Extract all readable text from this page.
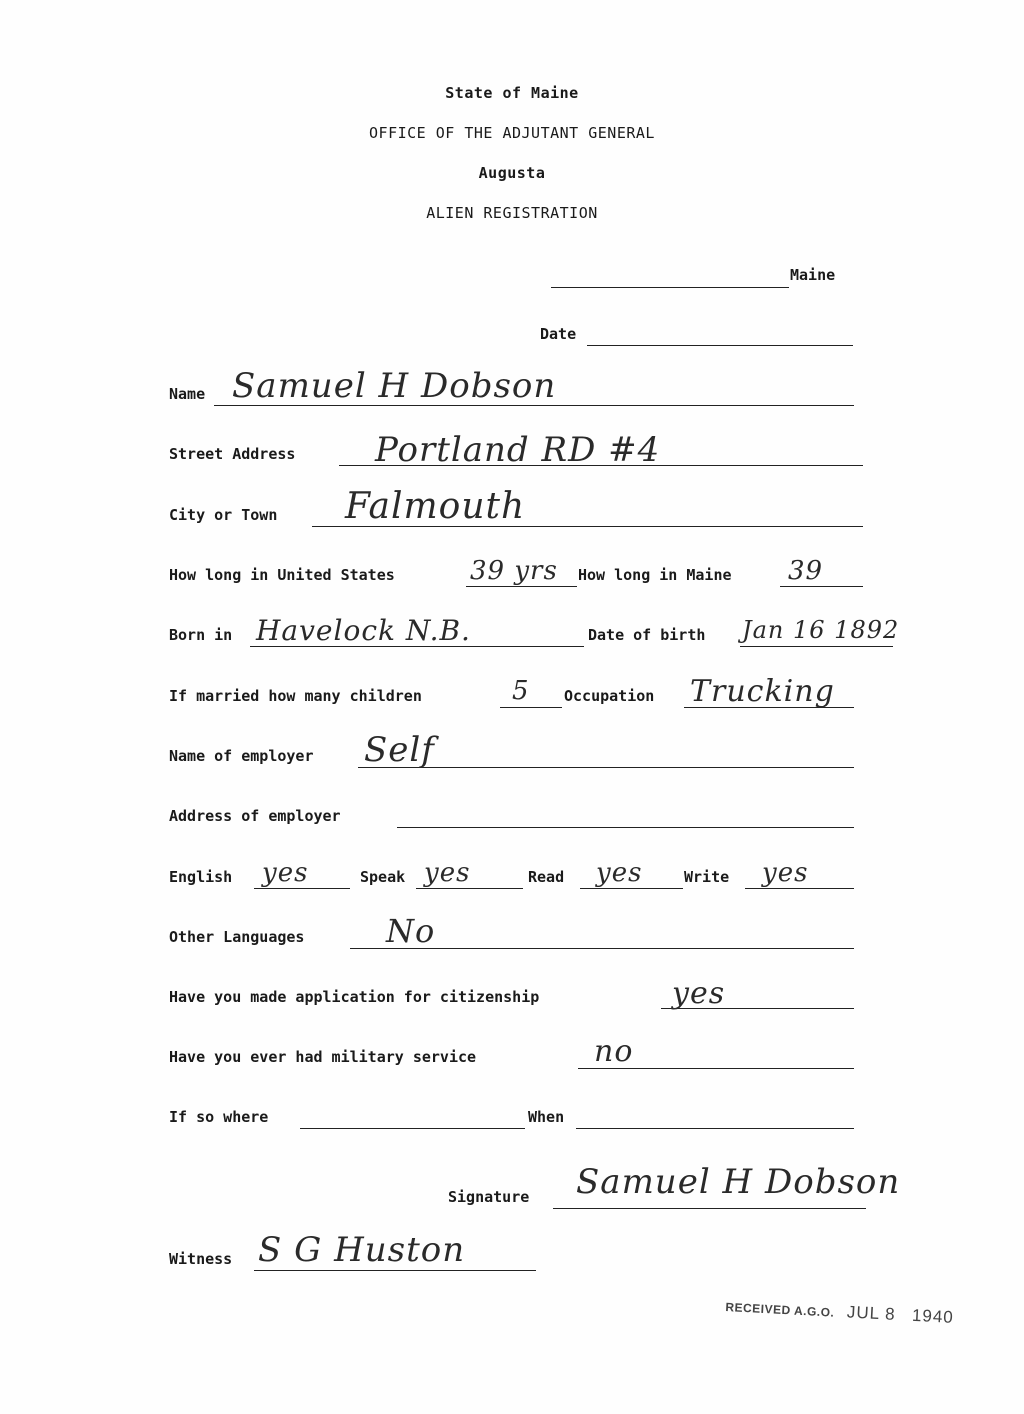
State of Maine
OFFICE OF THE ADJUTANT GENERAL
Augusta
ALIEN REGISTRATION
Maine
Date
Name Samuel H Dobson
Street Address Portland RD #4
City or Town Falmouth
How long in United States	39 yrs How long in Maine 39
Born in Havelock N.B.	Date of birth Jan 16 1892
If married how many children	5 Occupation Trucking
Name of employer Self
Address of employer
English yes	Speak yes	Read yes	Write yes
Other Languages	No
Have you made application for citizenship	yes
Have you ever had military service	no
If so where	When
Signature Samuel H Dobson
Witness S G Huston
RECEIVED A.G.O. JUL 8 1940
